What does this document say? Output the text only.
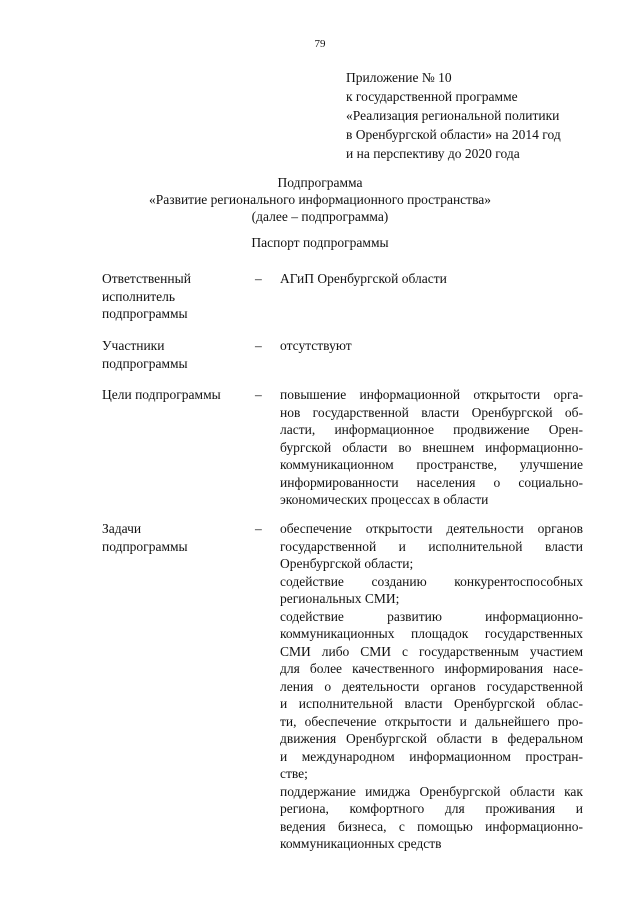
79
Приложение № 10
к государственной программе
«Реализация региональной политики
в Оренбургской области» на 2014 год
и на перспективу до 2020 года
Подпрограмма
«Развитие регионального информационного пространства»
(далее – подпрограмма)
Паспорт подпрограммы
Ответственный
исполнитель
подпрограммы
– АГиП Оренбургской области
Участники
подпрограммы
– отсутствуют
Цели подпрограммы	– повышение информационной открытости орга-
нов государственной власти Оренбургской об-
ласти, информационное продвижение Орен-
бургской области во внешнем информационно-
коммуникационном пространстве, улучшение
информированности населения о социально-
экономических процессах в области
Задачи
подпрограммы
– обеспечение открытости деятельности органов
государственной и исполнительной власти
Оренбургской области;
содействие созданию конкурентоспособных
региональных СМИ;
содействие развитию информационно-
коммуникационных площадок государственных
СМИ либо СМИ с государственным участием
для более качественного информирования насе-
ления о деятельности органов государственной
и исполнительной власти Оренбургской облас-
ти, обеспечение открытости и дальнейшего про-
движения Оренбургской области в федеральном
и международном информационном простран-
стве;
поддержание имиджа Оренбургской области как
региона, комфортного для проживания и
ведения бизнеса, с помощью информационно-
коммуникационных средств
